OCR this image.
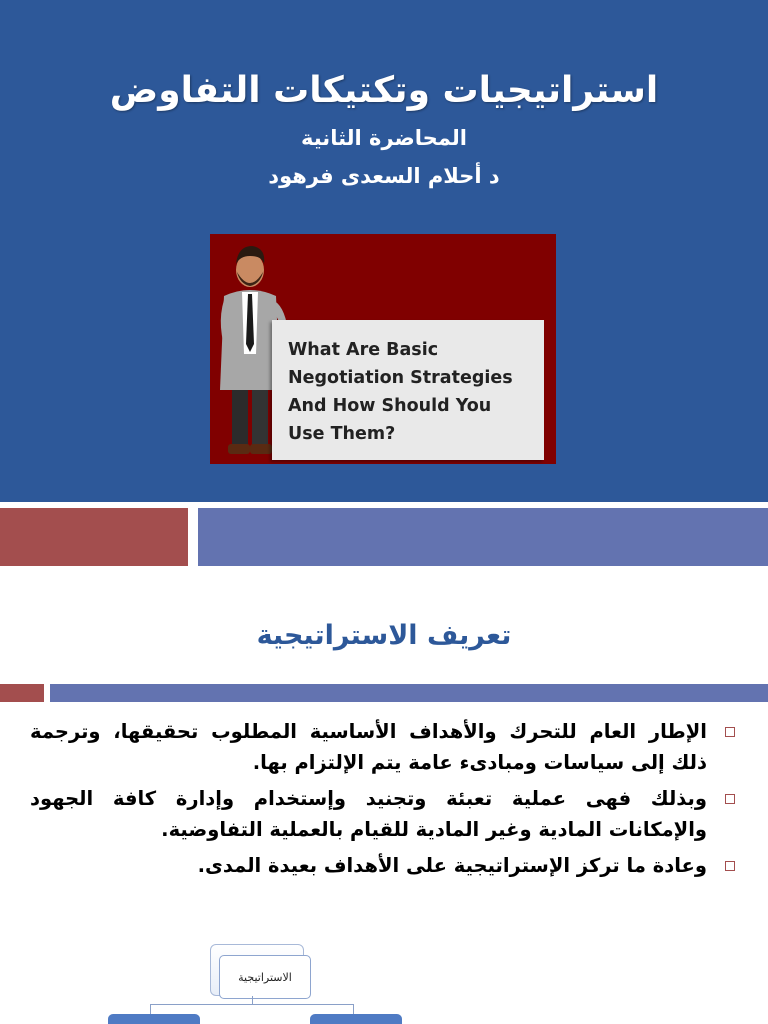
استراتيجيات وتكتيكات التفاوض
المحاضرة الثانية
د أحلام السعدى فرهود
What Are Basic
Negotiation Strategies
And How Should You
Use Them?
تعريف الاستراتيجية
الإطار العام للتحرك والأهداف الأساسية المطلوب تحقيقها، وترجمة ذلك إلى سياسات ومبادىء عامة يتم الإلتزام بها.
وبذلك فهى عملية تعبئة وتجنيد وإستخدام وإدارة كافة الجهود والإمكانات المادية وغير المادية للقيام بالعملية التفاوضية.
وعادة ما تركز الإستراتيجية على الأهداف بعيدة المدى.
الاستراتيجية
